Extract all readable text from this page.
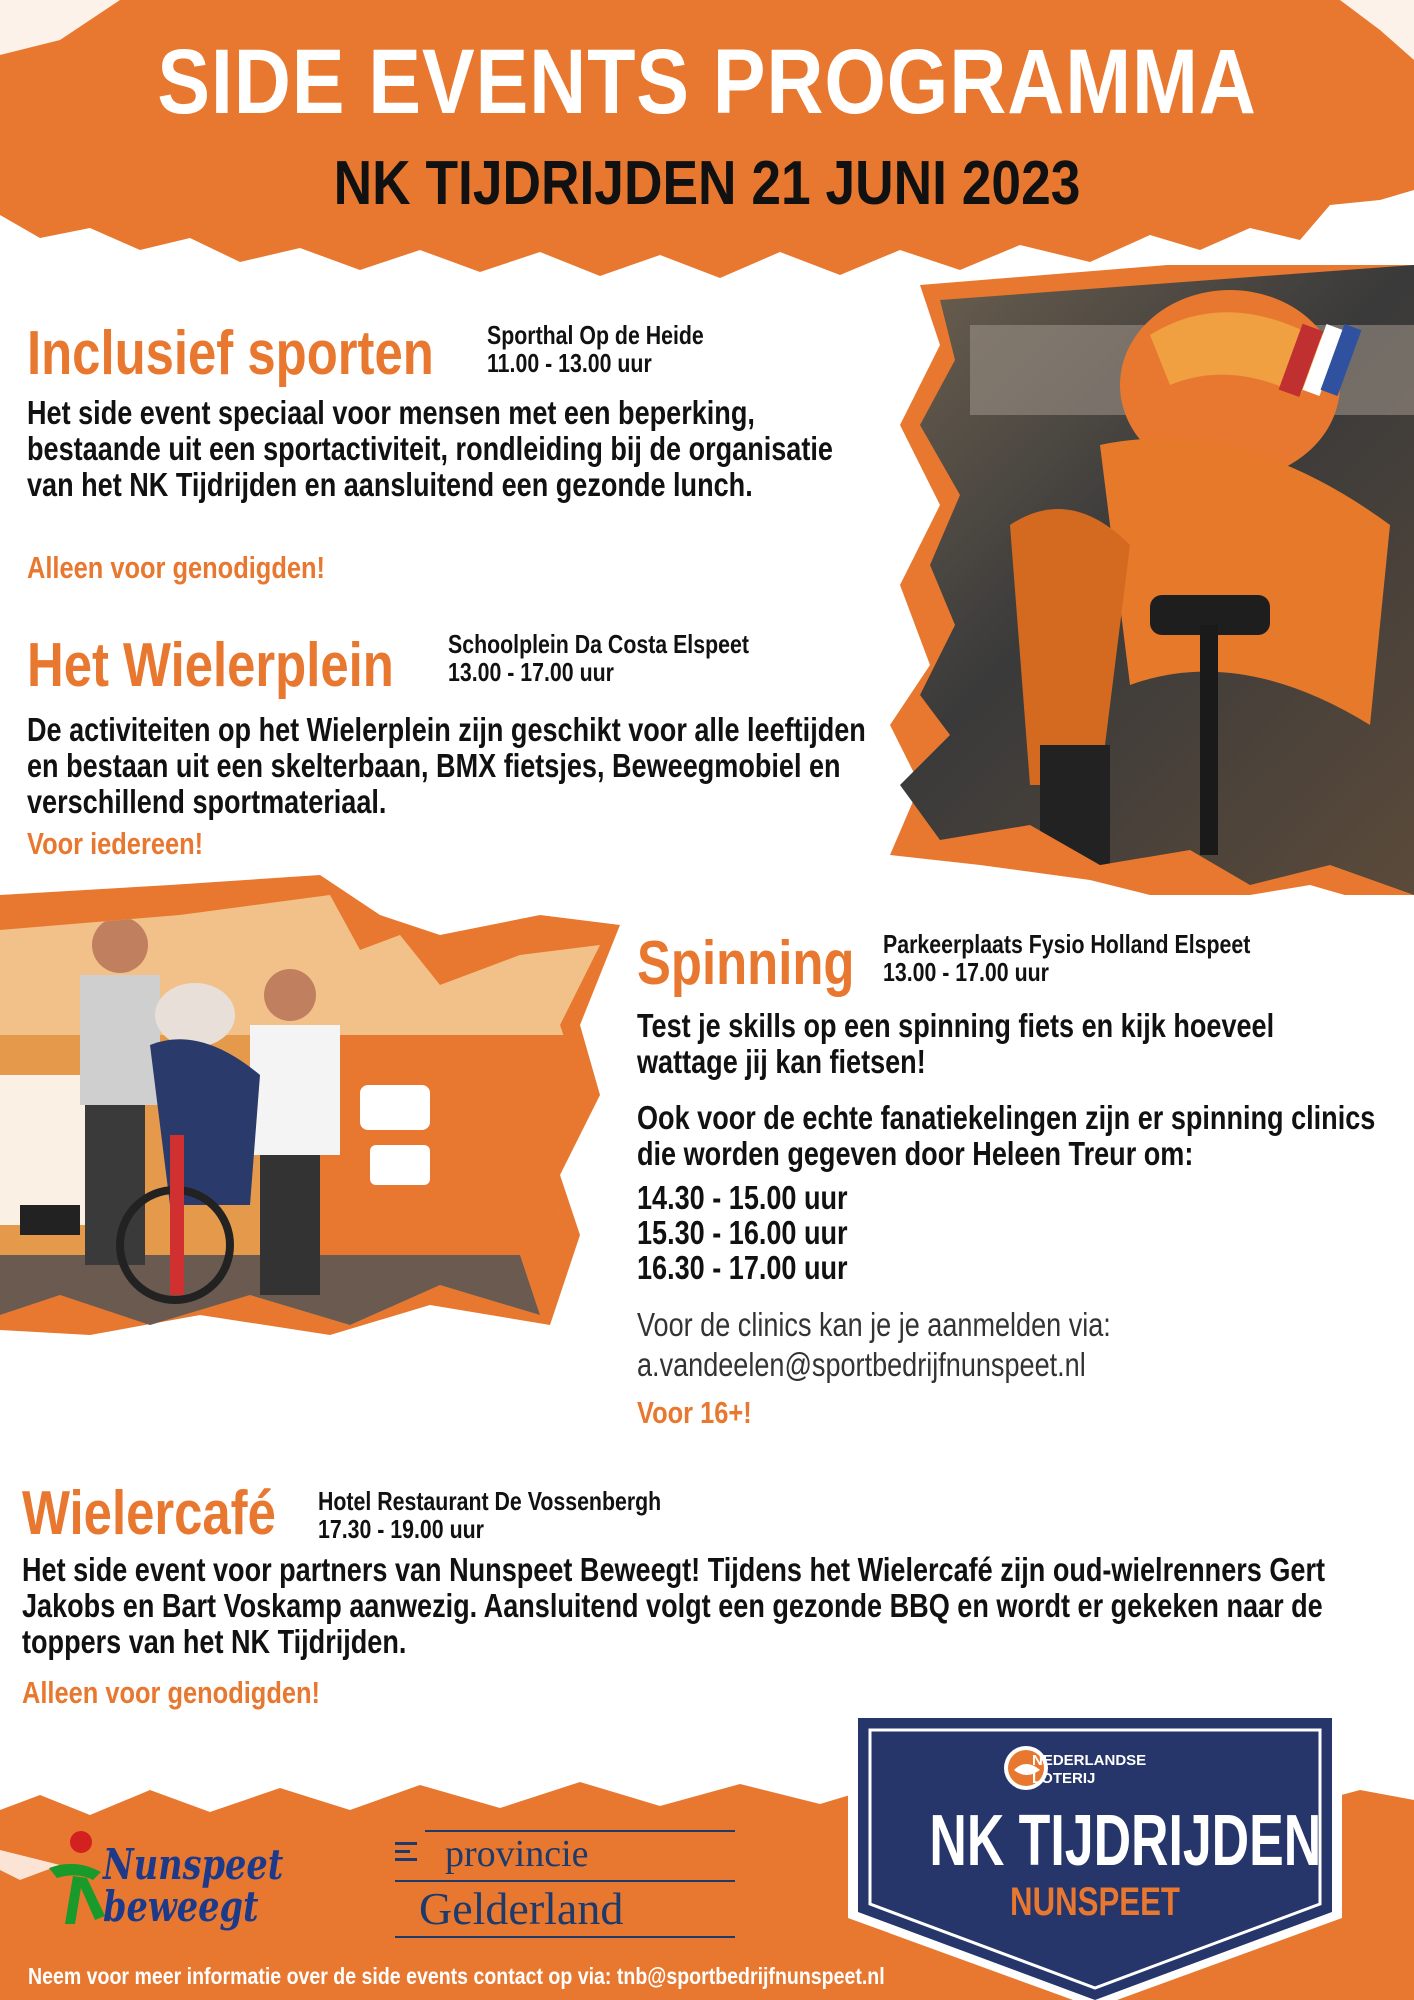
SIDE EVENTS PROGRAMMA
NK TIJDRIJDEN 21 JUNI 2023
Inclusief sporten Sporthal Op de Heide
11.00 - 13.00 uur
Het side event speciaal voor mensen met een beperking, bestaande uit een sportactiviteit, rondleiding bij de organisatie van het NK Tijdrijden en aansluitend een gezonde lunch.
Alleen voor genodigden!
Het Wielerplein Schoolplein Da Costa Elspeet
13.00 - 17.00 uur
De activiteiten op het Wielerplein zijn geschikt voor alle leeftijden en bestaan uit een skelterbaan, BMX fietsjes, Beweegmobiel en verschillend sportmateriaal.
Voor iedereen!
Spinning Parkeerplaats Fysio Holland Elspeet
13.00 - 17.00 uur
Test je skills op een spinning fiets en kijk hoeveel wattage jij kan fietsen!
Ook voor de echte fanatiekelingen zijn er spinning clinics die worden gegeven door Heleen Treur om:
14.30 - 15.00 uur
15.30 - 16.00 uur
16.30 - 17.00 uur
Voor de clinics kan je je aanmelden via:
a.vandeelen@sportbedrijfnunspeet.nl
Voor 16+!
Wielercafé Hotel Restaurant De Vossenbergh
17.30 - 19.00 uur
Het side event voor partners van Nunspeet Beweegt! Tijdens het Wielercafé zijn oud-wielrenners Gert Jakobs en Bart Voskamp aanwezig. Aansluitend volgt een gezonde BBQ en wordt er gekeken naar de toppers van het NK Tijdrijden.
Alleen voor genodigden!
Nunspeet
beweegt
provincie
Gelderland
NEDERLANDSE
LOTERIJ
NK TIJDRIJDEN
NUNSPEET
Neem voor meer informatie over de side events contact op via: tnb@sportbedrijfnunspeet.nl
